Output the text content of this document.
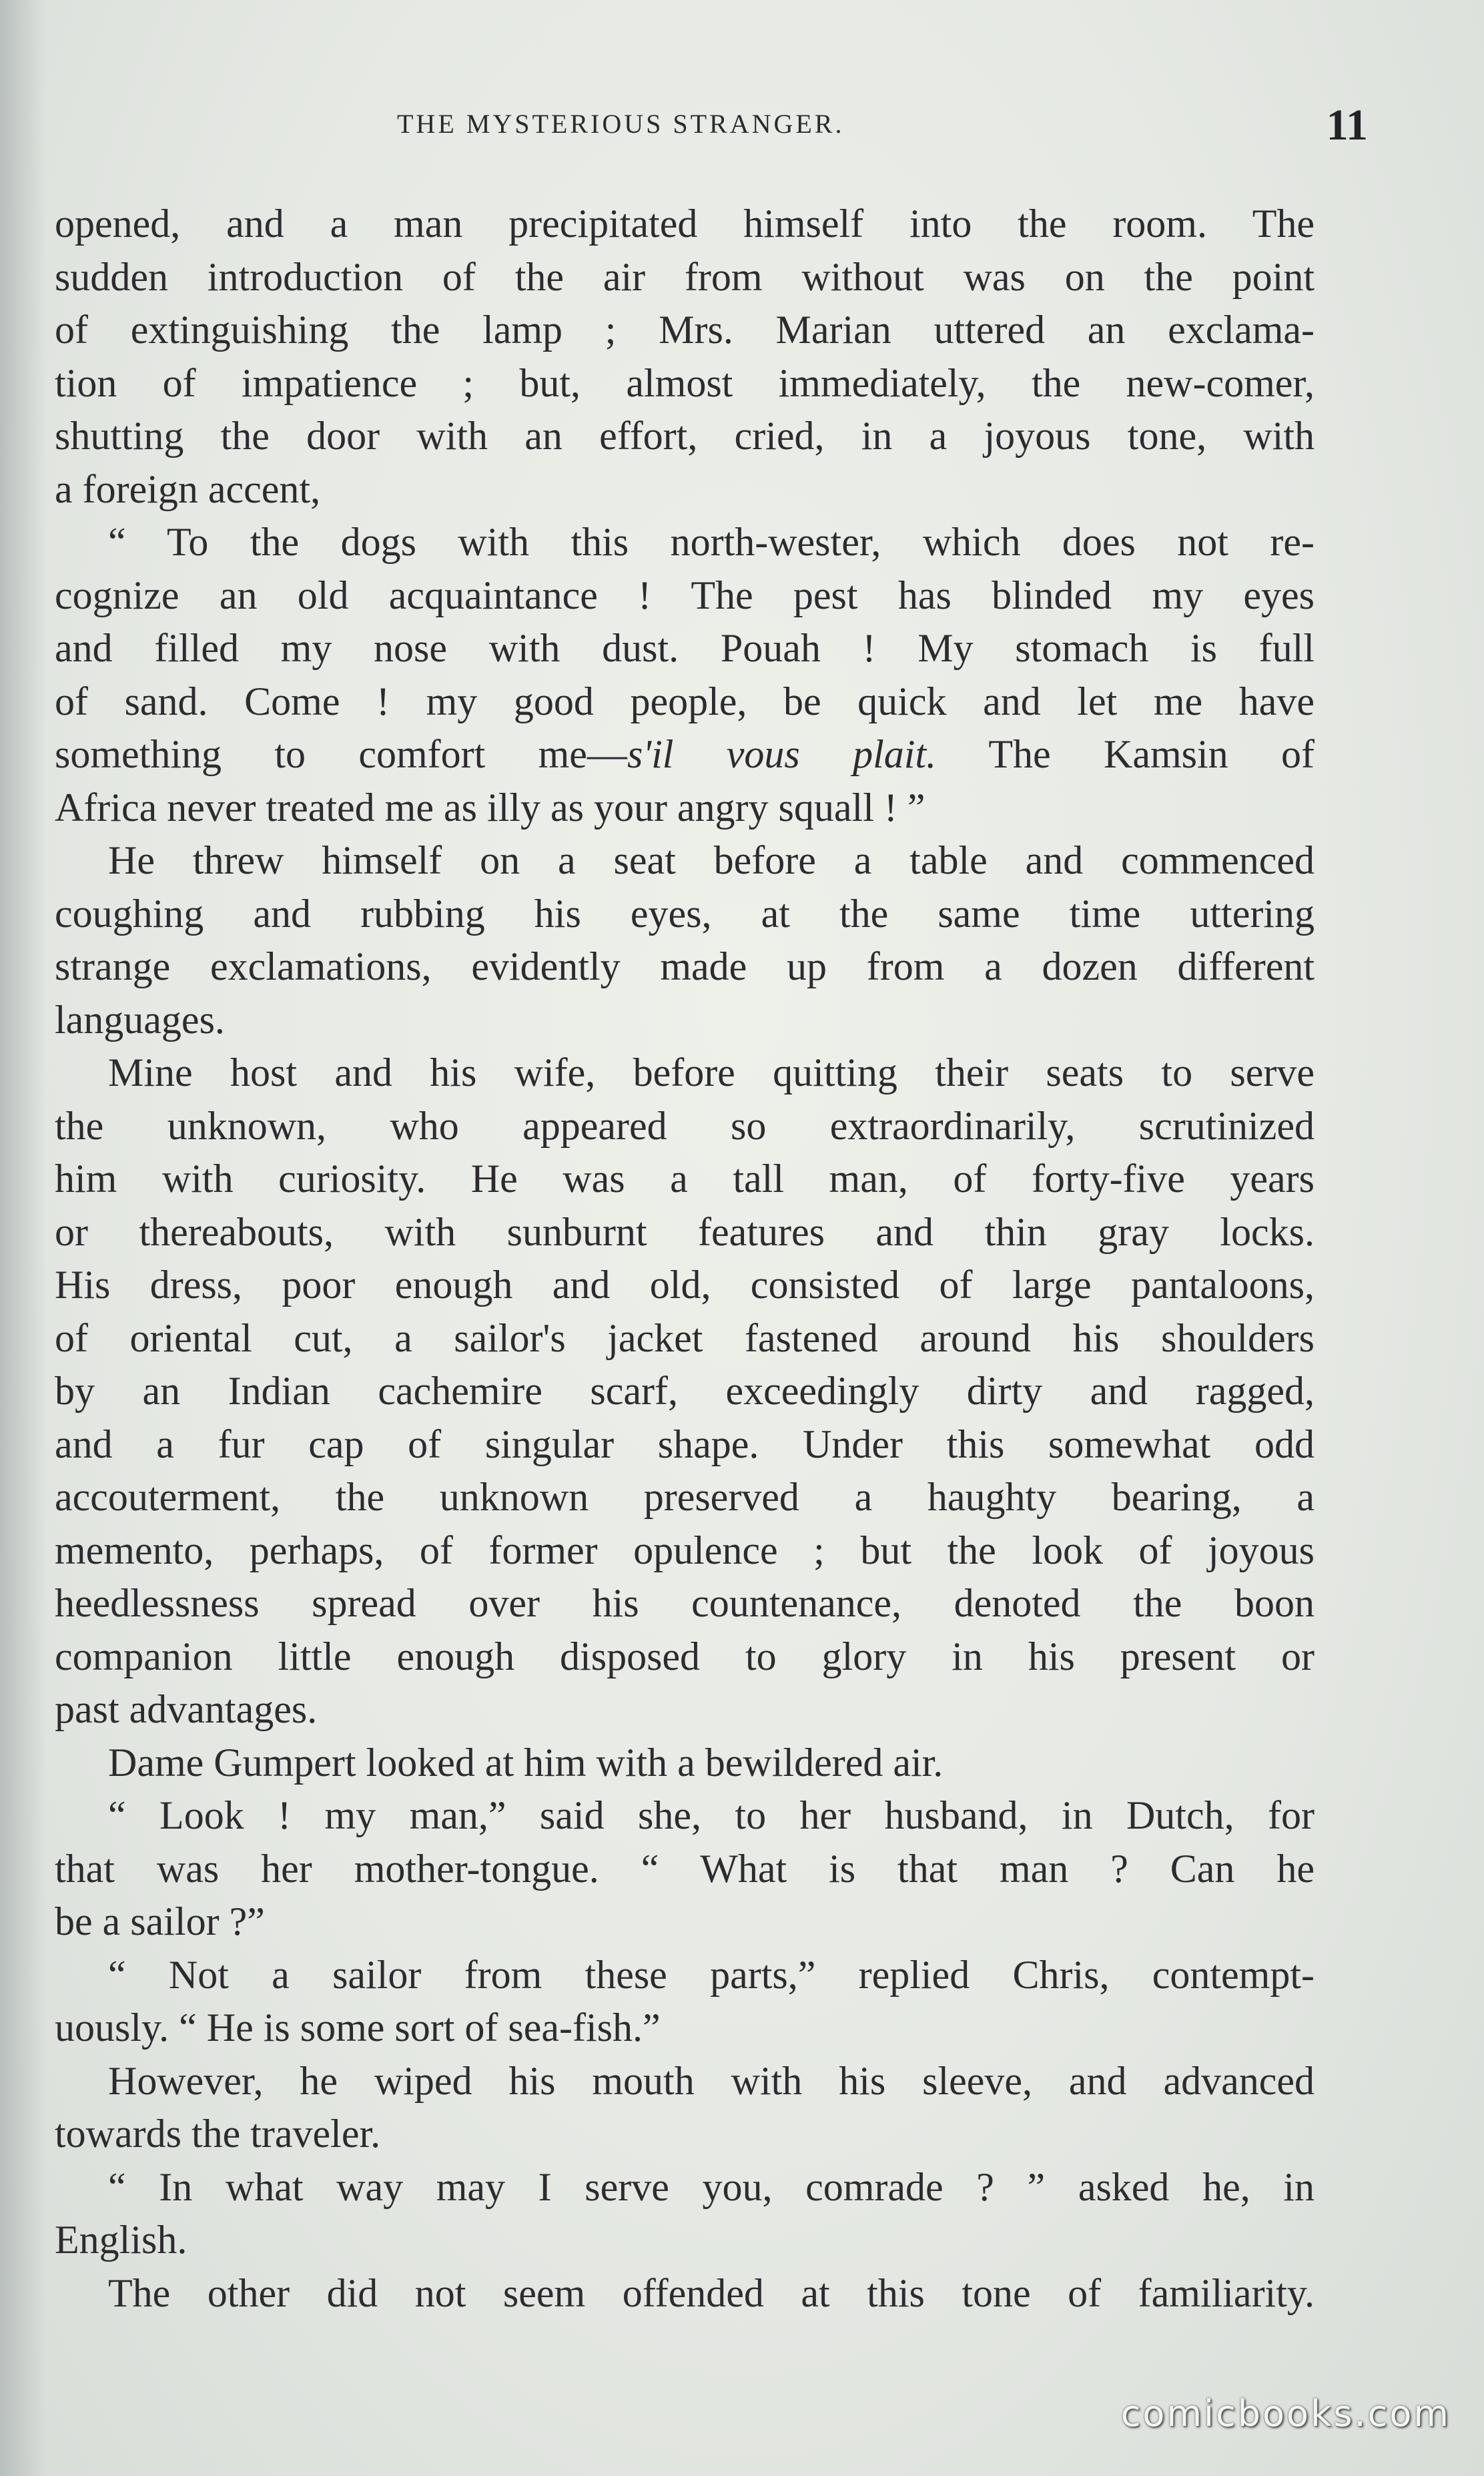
THE MYSTERIOUS STRANGER.	11
opened, and a man precipitated himself into the room. The
sudden introduction of the air from without was on the point
of extinguishing the lamp ; Mrs. Marian uttered an exclama-
tion of impatience ; but, almost immediately, the new-comer,
shutting the door with an effort, cried, in a joyous tone, with
a foreign accent,
“ To the dogs with this north-wester, which does not re-
cognize an old acquaintance ! The pest has blinded my eyes
and filled my nose with dust. Pouah ! My stomach is full
of sand. Come ! my good people, be quick and let me have
something to comfort me—s'il vous plait. The Kamsin of
Africa never treated me as illy as your angry squall ! ”
He threw himself on a seat before a table and commenced
coughing and rubbing his eyes, at the same time uttering
strange exclamations, evidently made up from a dozen different
languages.
Mine host and his wife, before quitting their seats to serve
the unknown, who appeared so extraordinarily, scrutinized
him with curiosity. He was a tall man, of forty-five years
or thereabouts, with sunburnt features and thin gray locks.
His dress, poor enough and old, consisted of large pantaloons,
of oriental cut, a sailor's jacket fastened around his shoulders
by an Indian cachemire scarf, exceedingly dirty and ragged,
and a fur cap of singular shape. Under this somewhat odd
accouterment, the unknown preserved a haughty bearing, a
memento, perhaps, of former opulence ; but the look of joyous
heedlessness spread over his countenance, denoted the boon
companion little enough disposed to glory in his present or
past advantages.
Dame Gumpert looked at him with a bewildered air.
“ Look ! my man,” said she, to her husband, in Dutch, for
that was her mother-tongue. “ What is that man ? Can he
be a sailor ?”
“ Not a sailor from these parts,” replied Chris, contempt-
uously. “ He is some sort of sea-fish.”
However, he wiped his mouth with his sleeve, and advanced
towards the traveler.
“ In what way may I serve you, comrade ? ” asked he, in
English.
The other did not seem offended at this tone of familiarity.
comicbooks.com
